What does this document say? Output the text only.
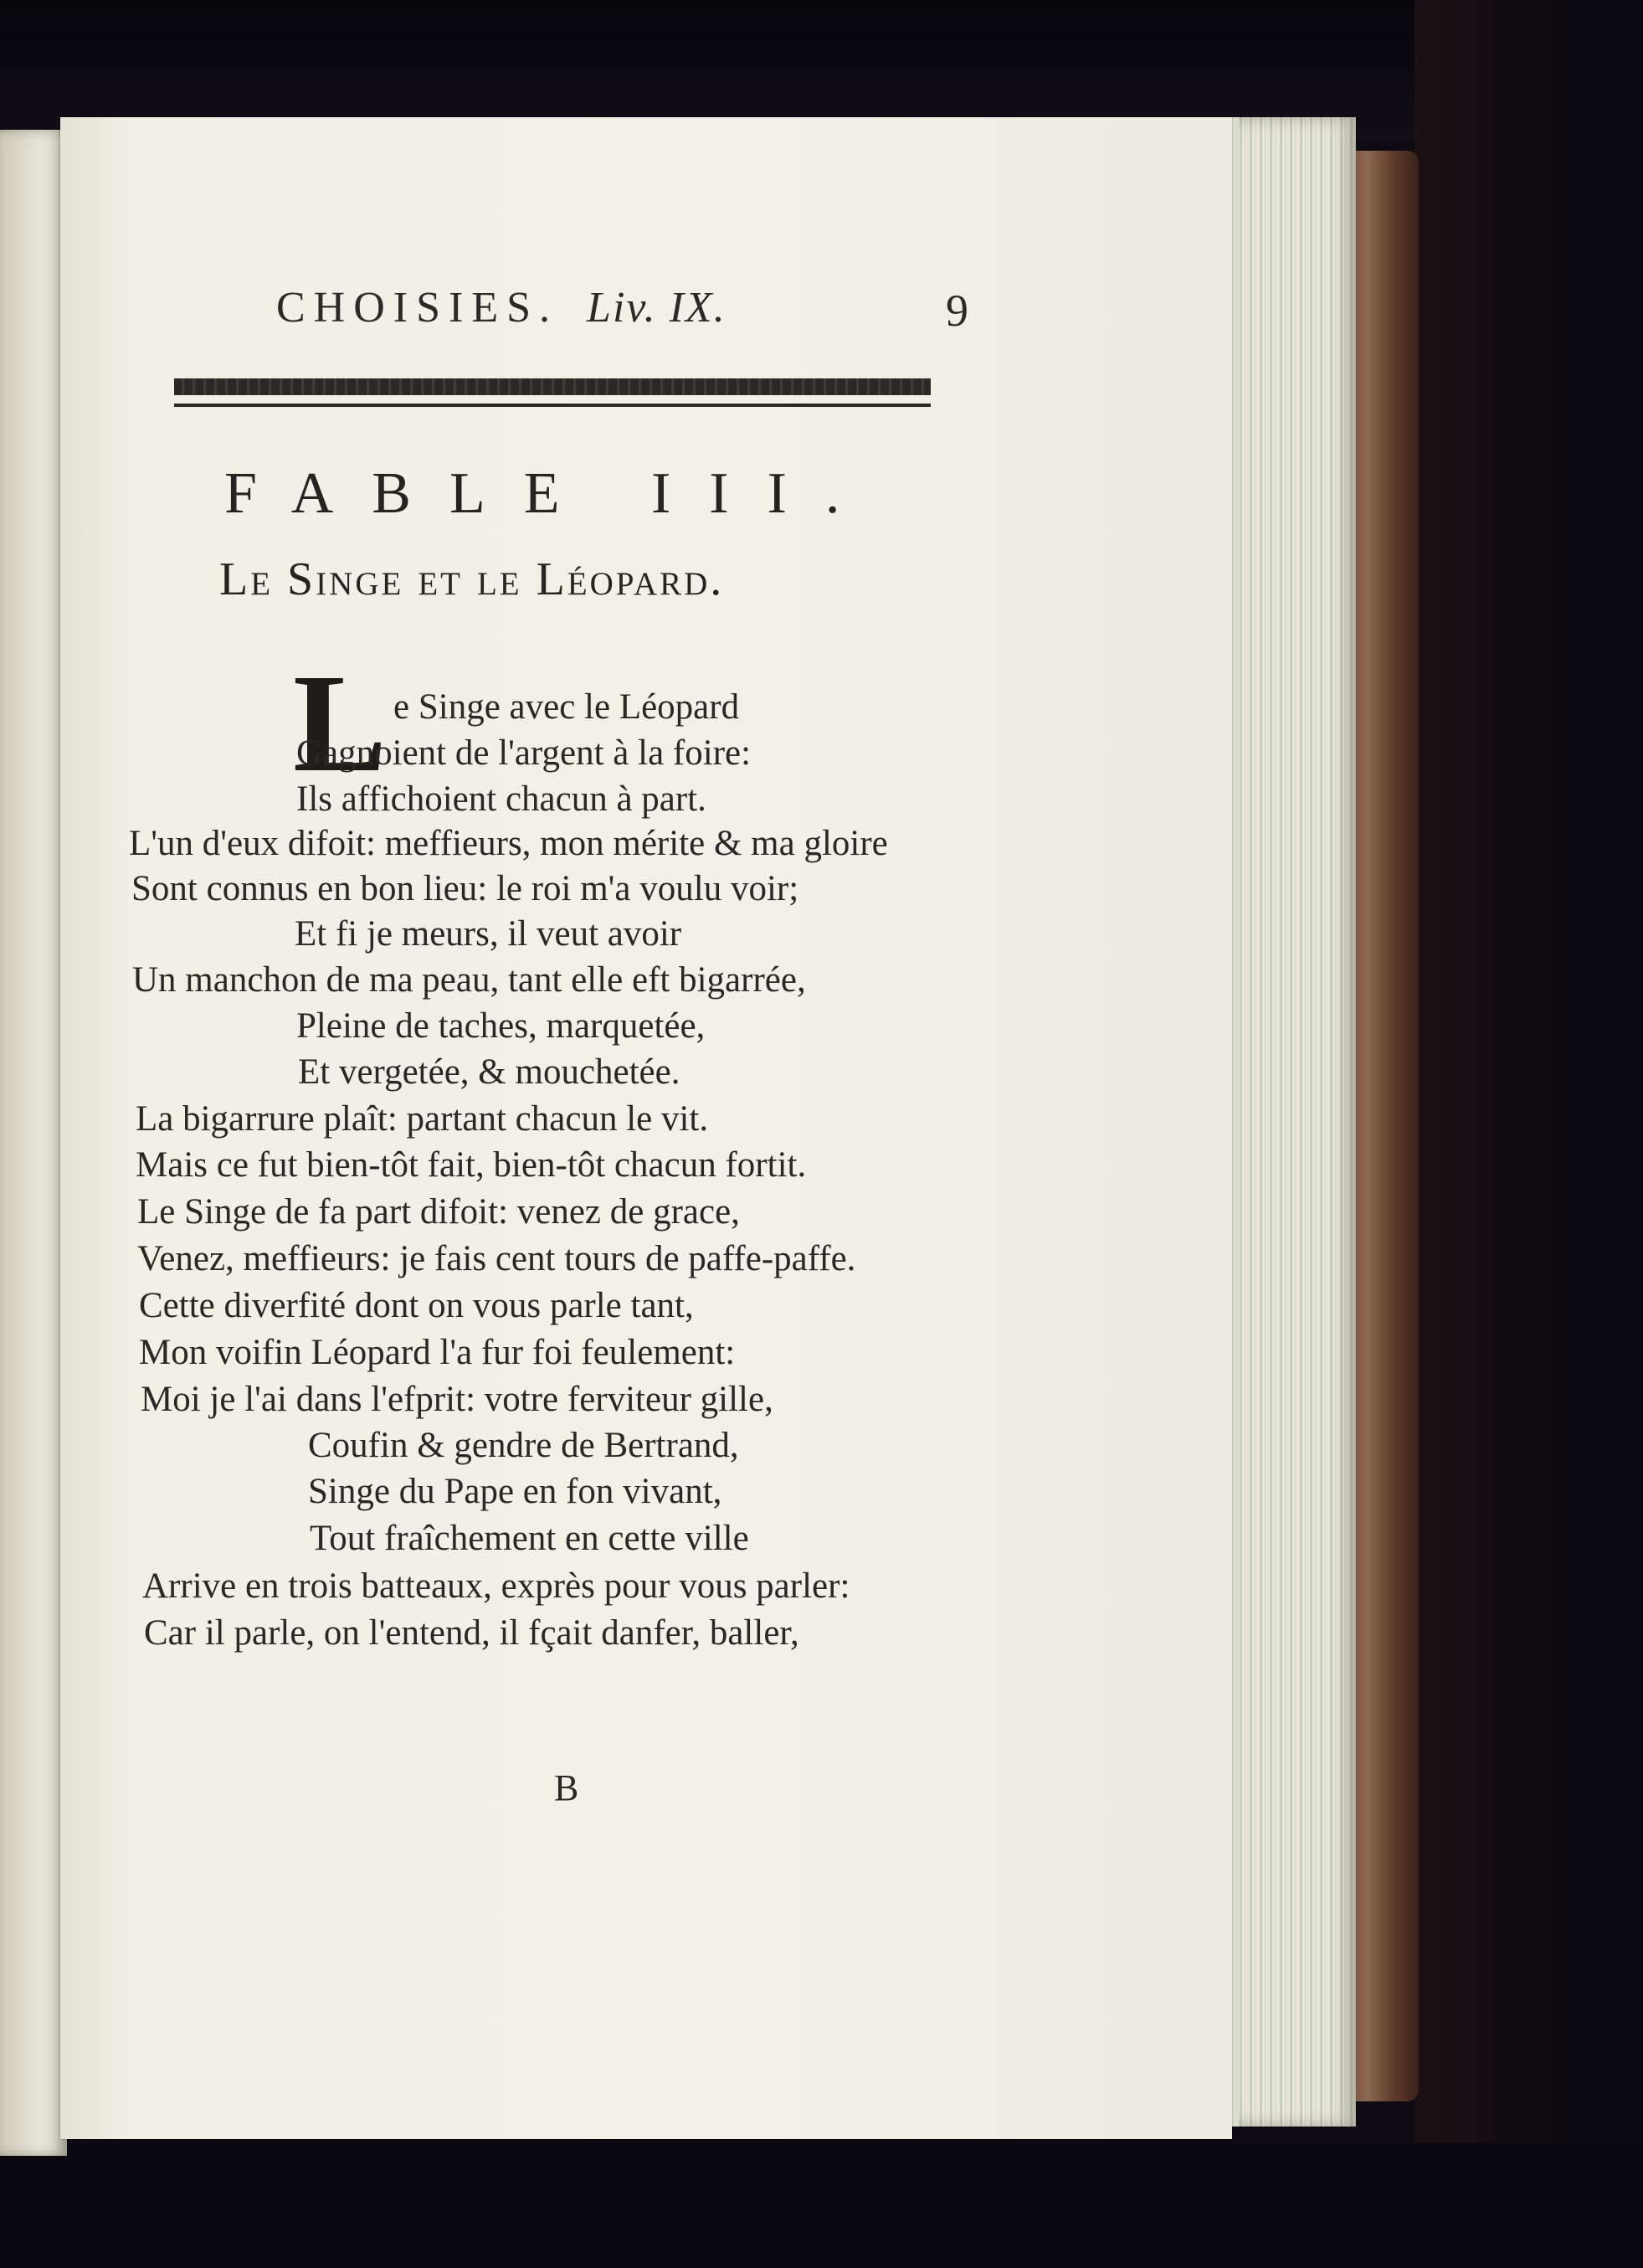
CHOISIES. Liv. IX.	9
FABLE III.
Le Singe et le Léopard.
L e Singe avec le Léopard
Gagnoient de l'argent à la foire:
Ils affichoient chacun à part.
L'un d'eux difoit: meffieurs, mon mérite & ma gloire
Sont connus en bon lieu: le roi m'a voulu voir;
Et fi je meurs, il veut avoir
Un manchon de ma peau, tant elle eft bigarrée,
Pleine de taches, marquetée,
Et vergetée, & mouchetée.
La bigarrure plaît: partant chacun le vit.
Mais ce fut bien-tôt fait, bien-tôt chacun fortit.
Le Singe de fa part difoit: venez de grace,
Venez, meffieurs: je fais cent tours de paffe-paffe.
Cette diverfité dont on vous parle tant,
Mon voifin Léopard l'a fur foi feulement:
Moi je l'ai dans l'efprit: votre ferviteur gille,
Coufin & gendre de Bertrand,
Singe du Pape en fon vivant,
Tout fraîchement en cette ville
Arrive en trois batteaux, exprès pour vous parler:
Car il parle, on l'entend, il fçait danfer, baller,
B
